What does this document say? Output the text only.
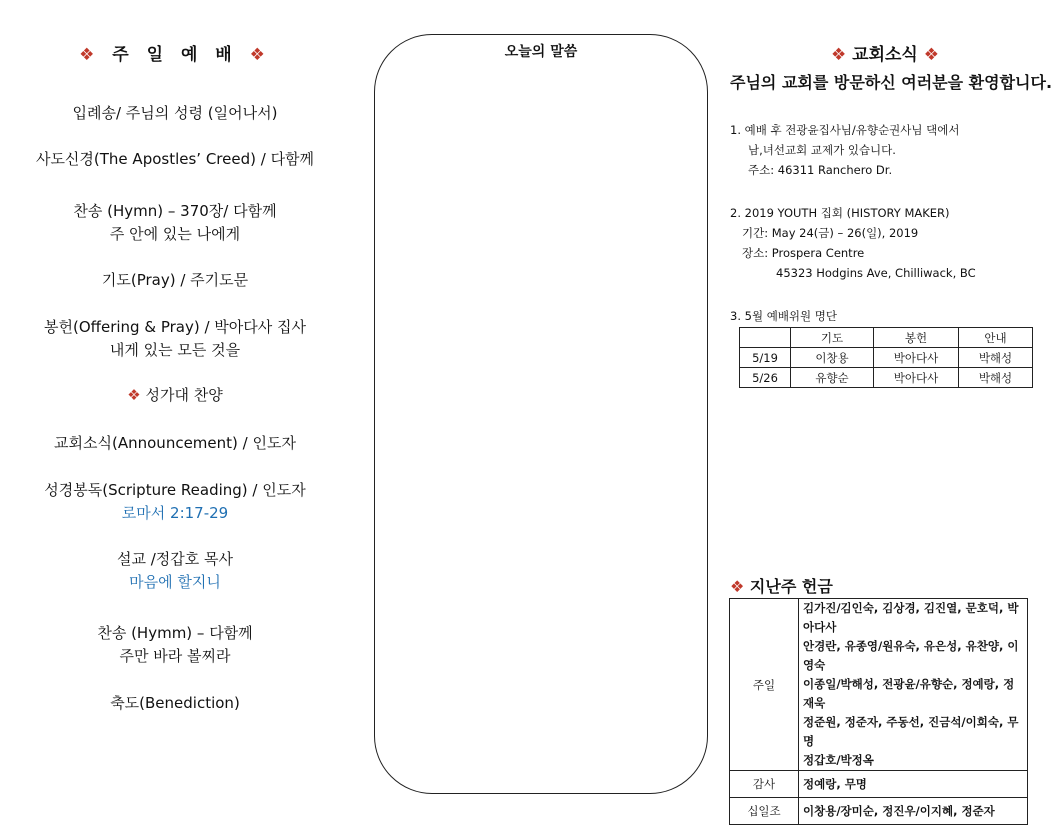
❖ 주 일 예 배 ❖
입례송/ 주님의 성령 (일어나서)
사도신경(The Apostles’ Creed) / 다함께
찬송 (Hymn) – 370장/ 다함께
주 안에 있는 나에게
기도(Pray) / 주기도문
봉헌(Offering & Pray) / 박아다사 집사
내게 있는 모든 것을
❖ 성가대 찬양
교회소식(Announcement) / 인도자
성경봉독(Scripture Reading) / 인도자
로마서 2:17-29
설교 /정갑호 목사
마음에 할지니
찬송 (Hymm) – 다함께
주만 바라 볼찌라
축도(Benediction)
오늘의 말씀	❖ 교회소식 ❖
주님의 교회를 방문하신 여러분을 환영합니다.
1. 예배 후 전광윤집사님/유향순권사님 댁에서
남,녀선교회 교제가 있습니다.
주소: 46311 Ranchero Dr.
2. 2019 YOUTH 집회 (HISTORY MAKER)
기간: May 24(금) – 26(일), 2019
장소: Prospera Centre
45323 Hodgins Ave, Chilliwack, BC
3. 5월 예배위원 명단
	기도	봉헌	안내
5/19	이창용	박아다사	박해성
5/26	유향순	박아다사	박해성
❖ 지난주 헌금
주일	김가진/김인숙, 김상경, 김진열, 문호덕, 박아다사
안경란, 유종영/원유숙, 유은성, 유찬양, 이영숙
이종일/박해성, 전광윤/유향순, 정예랑, 정재욱
정준원, 정준자, 주동선, 진금석/이희숙, 무명
정갑호/박정옥

감사	정예랑, 무명
십일조	이창용/장미순, 정진우/이지혜, 정준자
